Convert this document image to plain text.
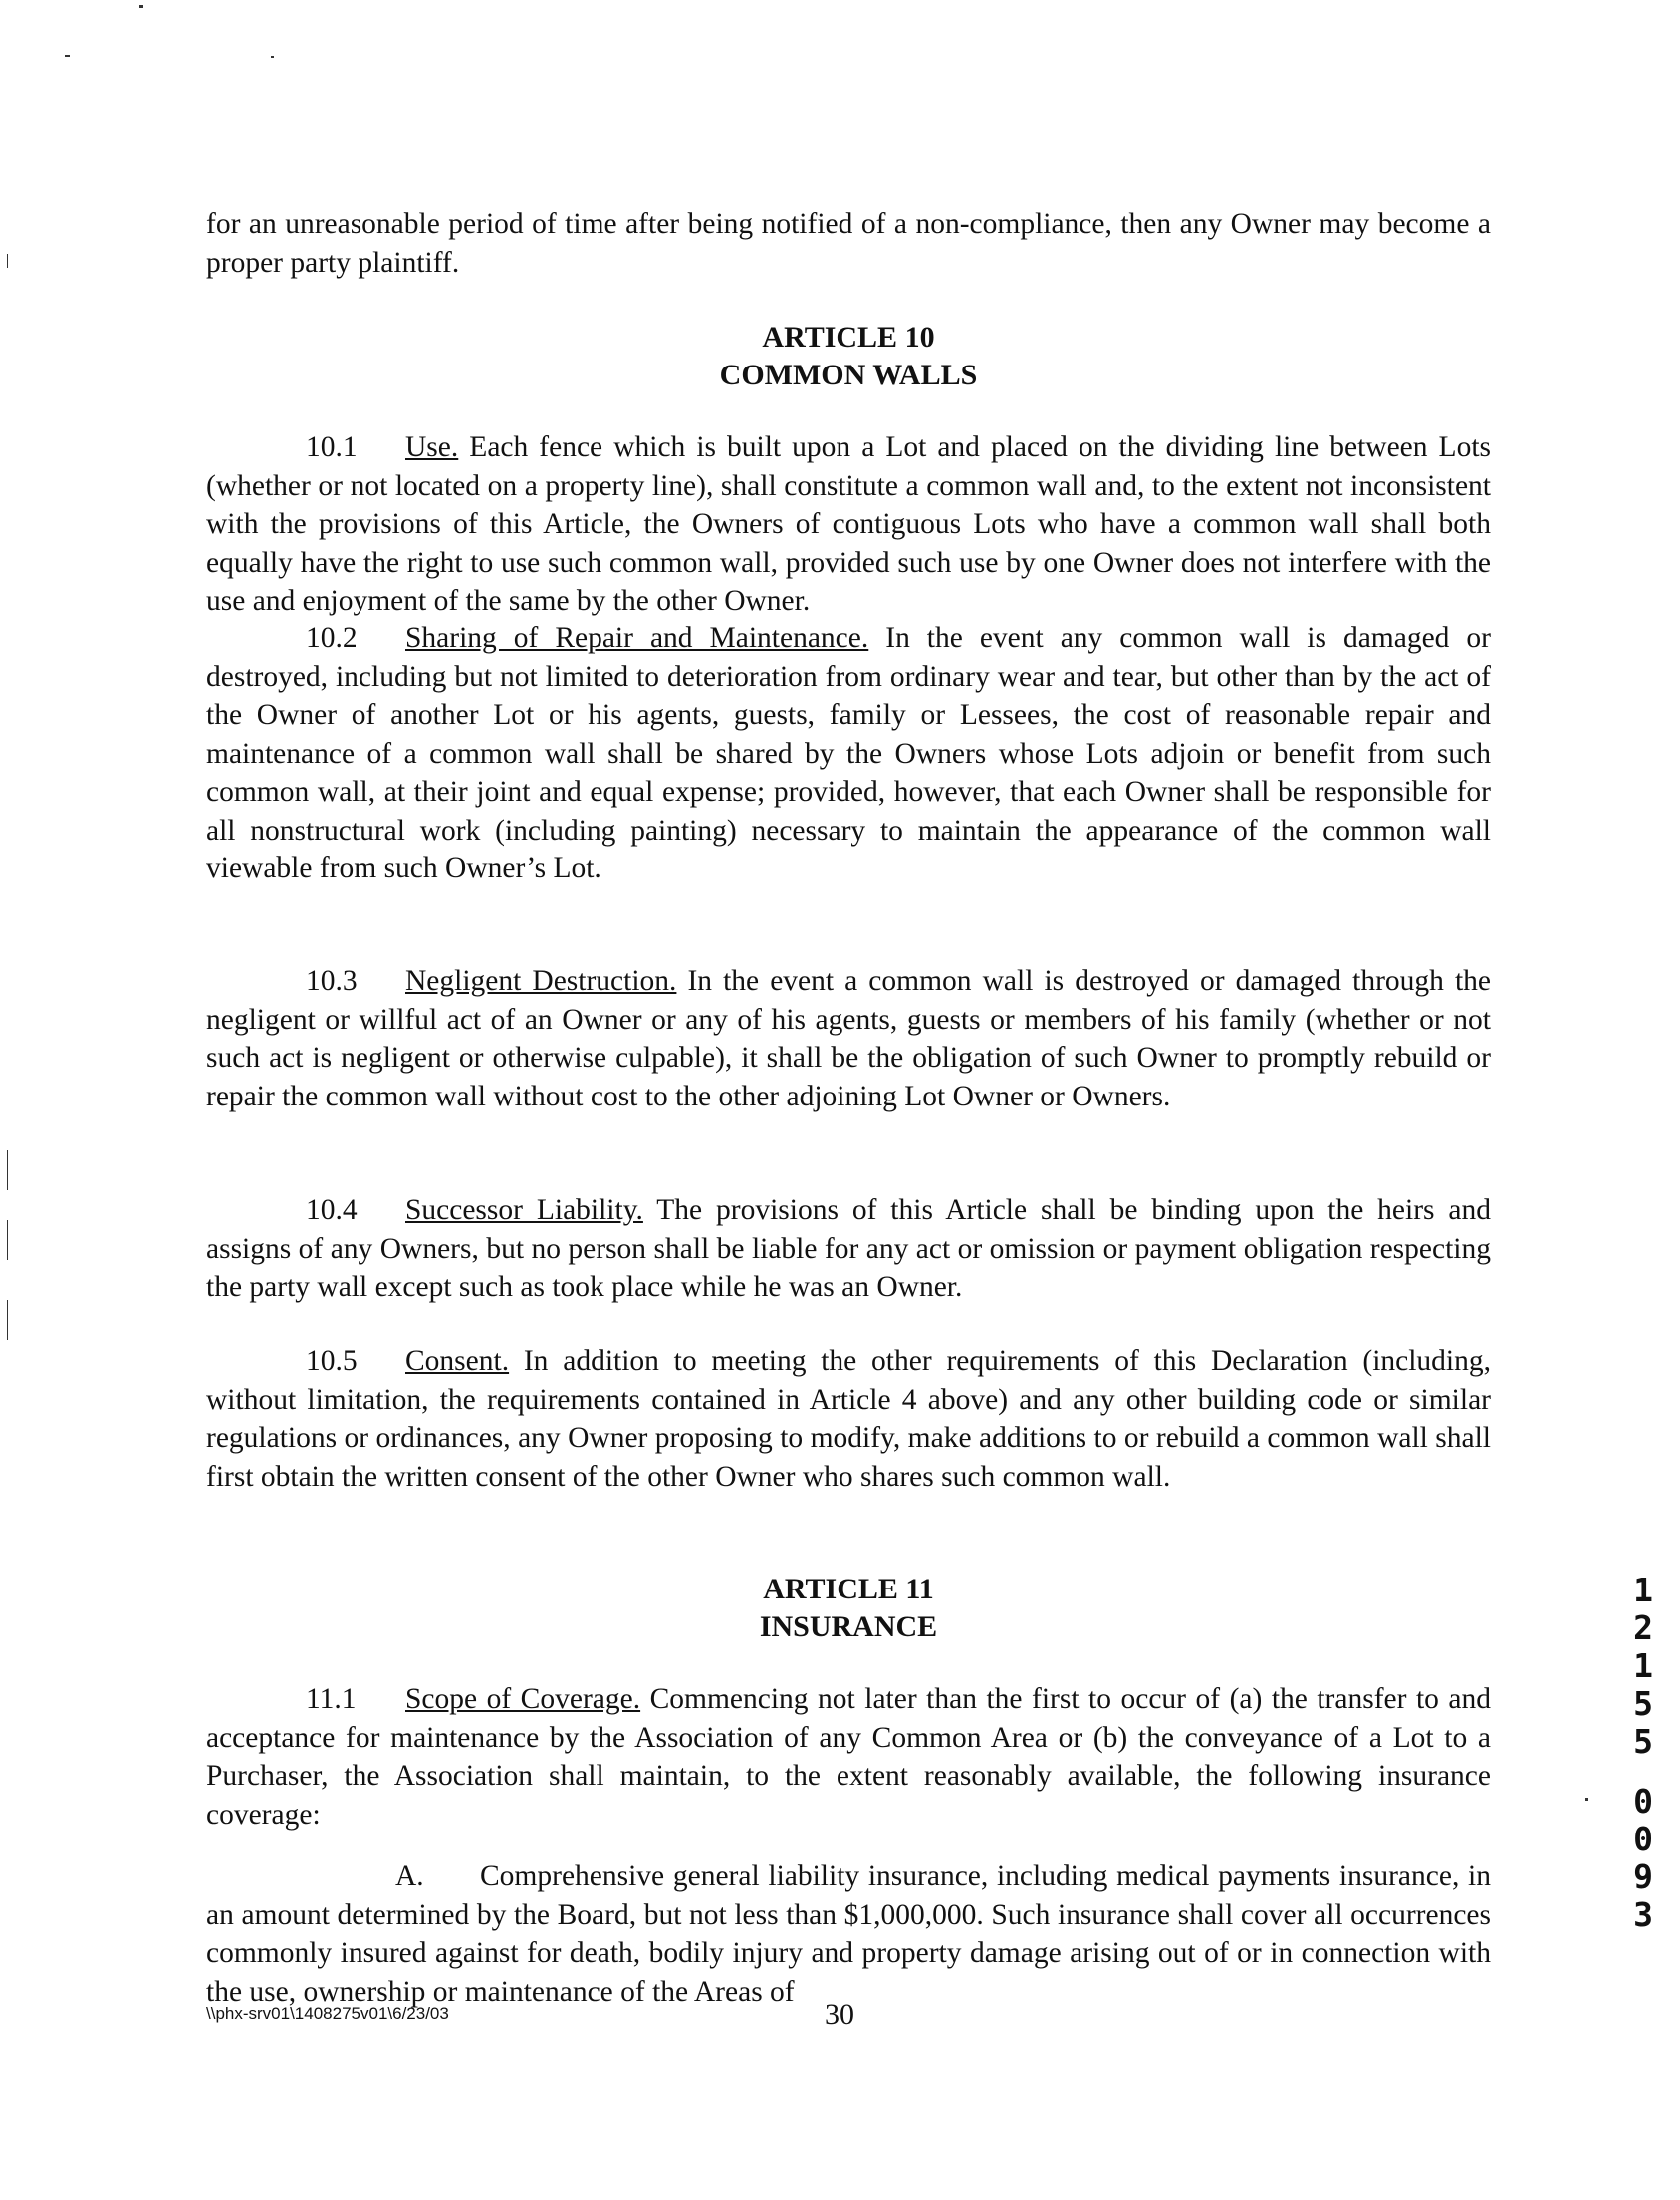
for an unreasonable period of time after being notified of a non-compliance, then any Owner may become a proper party plaintiff.

ARTICLE 10
COMMON WALLS

10.1 Use. Each fence which is built upon a Lot and placed on the dividing line between Lots (whether or not located on a property line), shall constitute a common wall and, to the extent not inconsistent with the provisions of this Article, the Owners of contiguous Lots who have a common wall shall both equally have the right to use such common wall, provided such use by one Owner does not interfere with the use and enjoyment of the same by the other Owner.

10.2 Sharing of Repair and Maintenance. In the event any common wall is damaged or destroyed, including but not limited to deterioration from ordinary wear and tear, but other than by the act of the Owner of another Lot or his agents, guests, family or Lessees, the cost of reasonable repair and maintenance of a common wall shall be shared by the Owners whose Lots adjoin or benefit from such common wall, at their joint and equal expense; provided, however, that each Owner shall be responsible for all nonstructural work (including painting) necessary to maintain the appearance of the common wall viewable from such Owner’s Lot.

10.3 Negligent Destruction. In the event a common wall is destroyed or damaged through the negligent or willful act of an Owner or any of his agents, guests or members of his family (whether or not such act is negligent or otherwise culpable), it shall be the obligation of such Owner to promptly rebuild or repair the common wall without cost to the other adjoining Lot Owner or Owners.

10.4 Successor Liability. The provisions of this Article shall be binding upon the heirs and assigns of any Owners, but no person shall be liable for any act or omission or payment obligation respecting the party wall except such as took place while he was an Owner.

10.5 Consent. In addition to meeting the other requirements of this Declaration (including, without limitation, the requirements contained in Article 4 above) and any other building code or similar regulations or ordinances, any Owner proposing to modify, make additions to or rebuild a common wall shall first obtain the written consent of the other Owner who shares such common wall.

ARTICLE 11
INSURANCE

11.1 Scope of Coverage. Commencing not later than the first to occur of (a) the transfer to and acceptance for maintenance by the Association of any Common Area or (b) the conveyance of a Lot to a Purchaser, the Association shall maintain, to the extent reasonably available, the following insurance coverage:

A. Comprehensive general liability insurance, including medical payments insurance, in an amount determined by the Board, but not less than $1,000,000. Such insurance shall cover all occurrences commonly insured against for death, bodily injury and property damage arising out of or in connection with the use, ownership or maintenance of the Areas of

\\phx-srv01\1408275v01\6/23/03	30
1
2
1
5
5
0
0
9
3
